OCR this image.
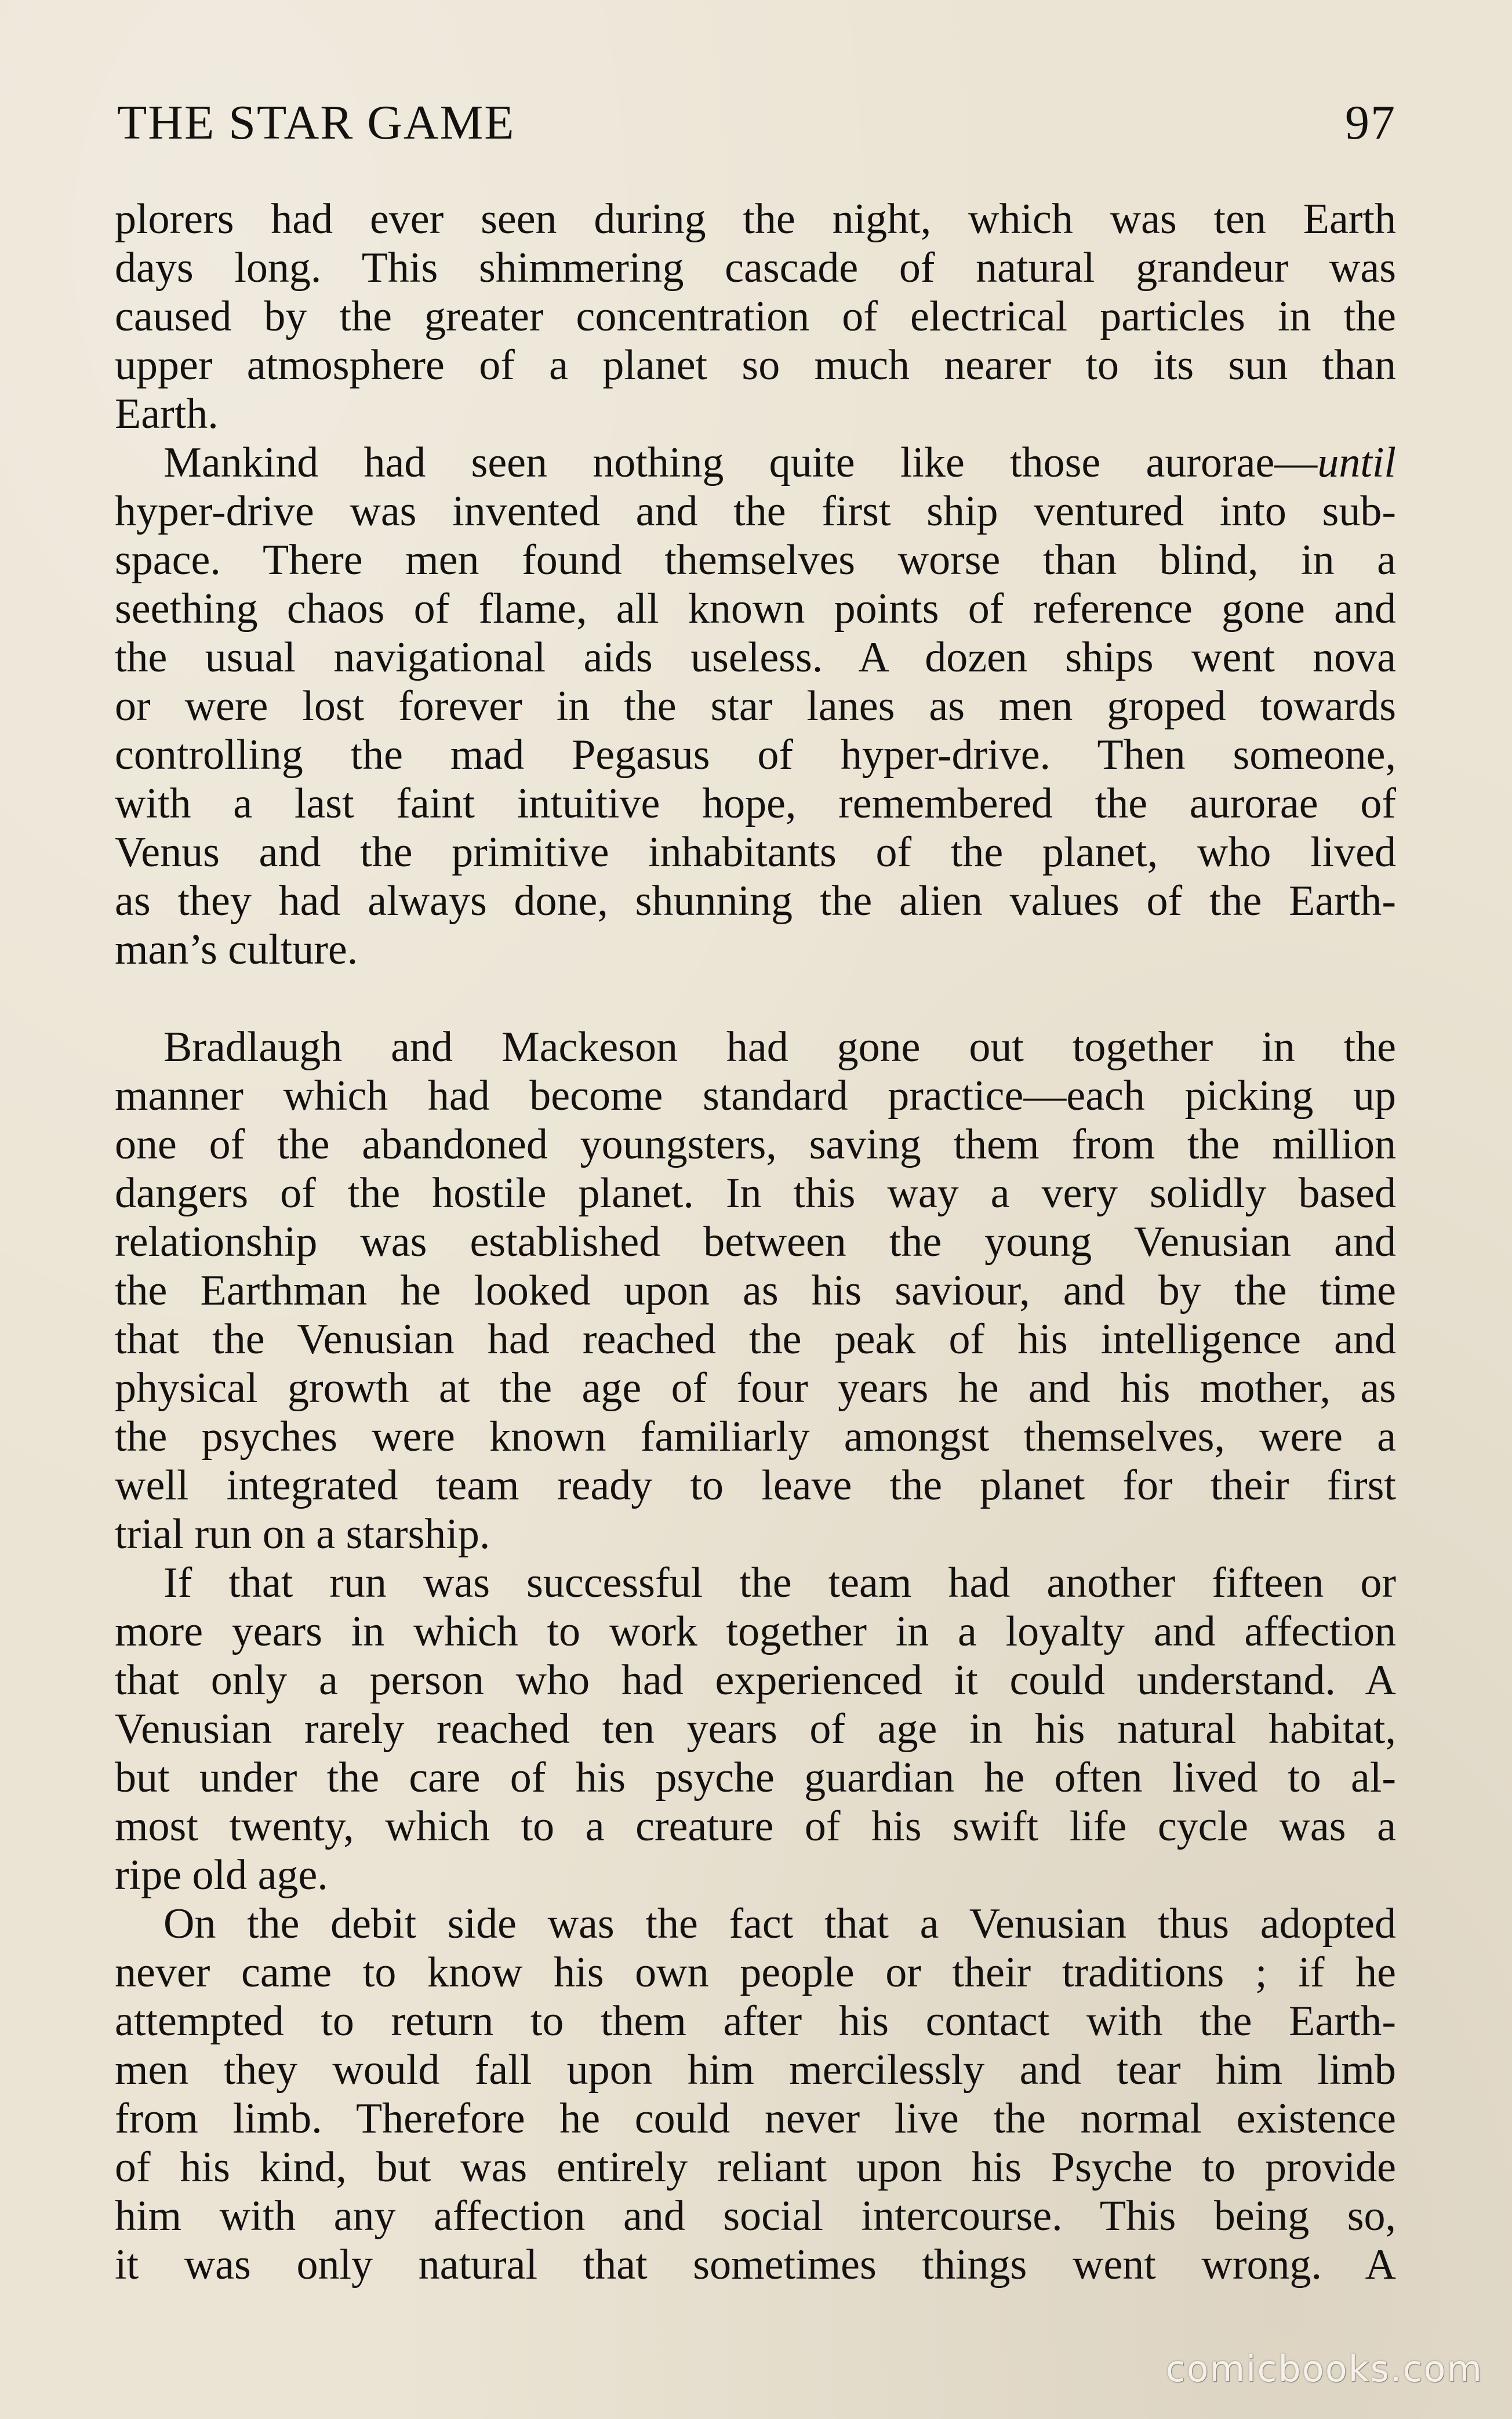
THE STAR GAME	97
plorers had ever seen during the night, which was ten Earth
days long. This shimmering cascade of natural grandeur was
caused by the greater concentration of electrical particles in the
upper atmosphere of a planet so much nearer to its sun than
Earth.
Mankind had seen nothing quite like those aurorae—until
hyper-drive was invented and the first ship ventured into sub-
space. There men found themselves worse than blind, in a
seething chaos of flame, all known points of reference gone and
the usual navigational aids useless. A dozen ships went nova
or were lost forever in the star lanes as men groped towards
controlling the mad Pegasus of hyper-drive. Then someone,
with a last faint intuitive hope, remembered the aurorae of
Venus and the primitive inhabitants of the planet, who lived
as they had always done, shunning the alien values of the Earth-
man’s culture.
Bradlaugh and Mackeson had gone out together in the
manner which had become standard practice—each picking up
one of the abandoned youngsters, saving them from the million
dangers of the hostile planet. In this way a very solidly based
relationship was established between the young Venusian and
the Earthman he looked upon as his saviour, and by the time
that the Venusian had reached the peak of his intelligence and
physical growth at the age of four years he and his mother, as
the psyches were known familiarly amongst themselves, were a
well integrated team ready to leave the planet for their first
trial run on a starship.
If that run was successful the team had another fifteen or
more years in which to work together in a loyalty and affection
that only a person who had experienced it could understand. A
Venusian rarely reached ten years of age in his natural habitat,
but under the care of his psyche guardian he often lived to al-
most twenty, which to a creature of his swift life cycle was a
ripe old age.
On the debit side was the fact that a Venusian thus adopted
never came to know his own people or their traditions ; if he
attempted to return to them after his contact with the Earth-
men they would fall upon him mercilessly and tear him limb
from limb. Therefore he could never live the normal existence
of his kind, but was entirely reliant upon his Psyche to provide
him with any affection and social intercourse. This being so,
it was only natural that sometimes things went wrong. A
comicbooks.com
